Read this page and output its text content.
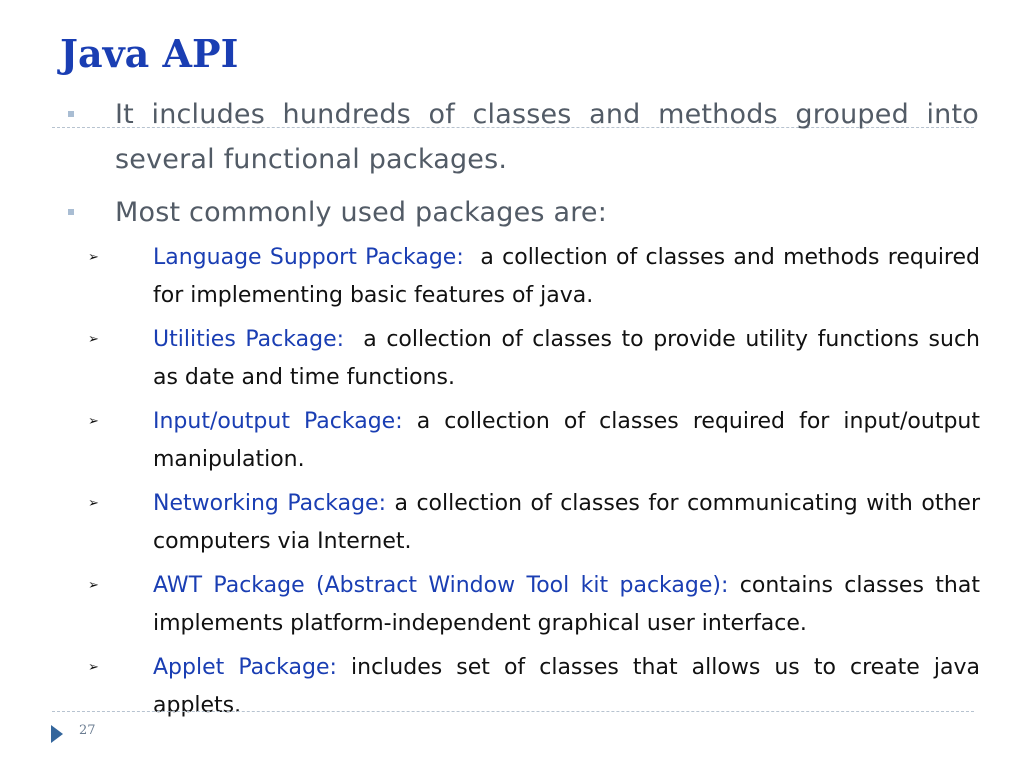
Java API

It includes hundreds of classes and methods grouped into several functional packages.

Most commonly used packages are:

➢ Language Support Package: a collection of classes and methods required for implementing basic features of java.
➢ Utilities Package: a collection of classes to provide utility functions such as date and time functions.
➢ Input/output Package: a collection of classes required for input/output manipulation.
➢ Networking Package: a collection of classes for communicating with other computers via Internet.
➢ AWT Package (Abstract Window Tool kit package): contains classes that implements platform-independent graphical user interface.
➢ Applet Package: includes set of classes that allows us to create java applets.
27
